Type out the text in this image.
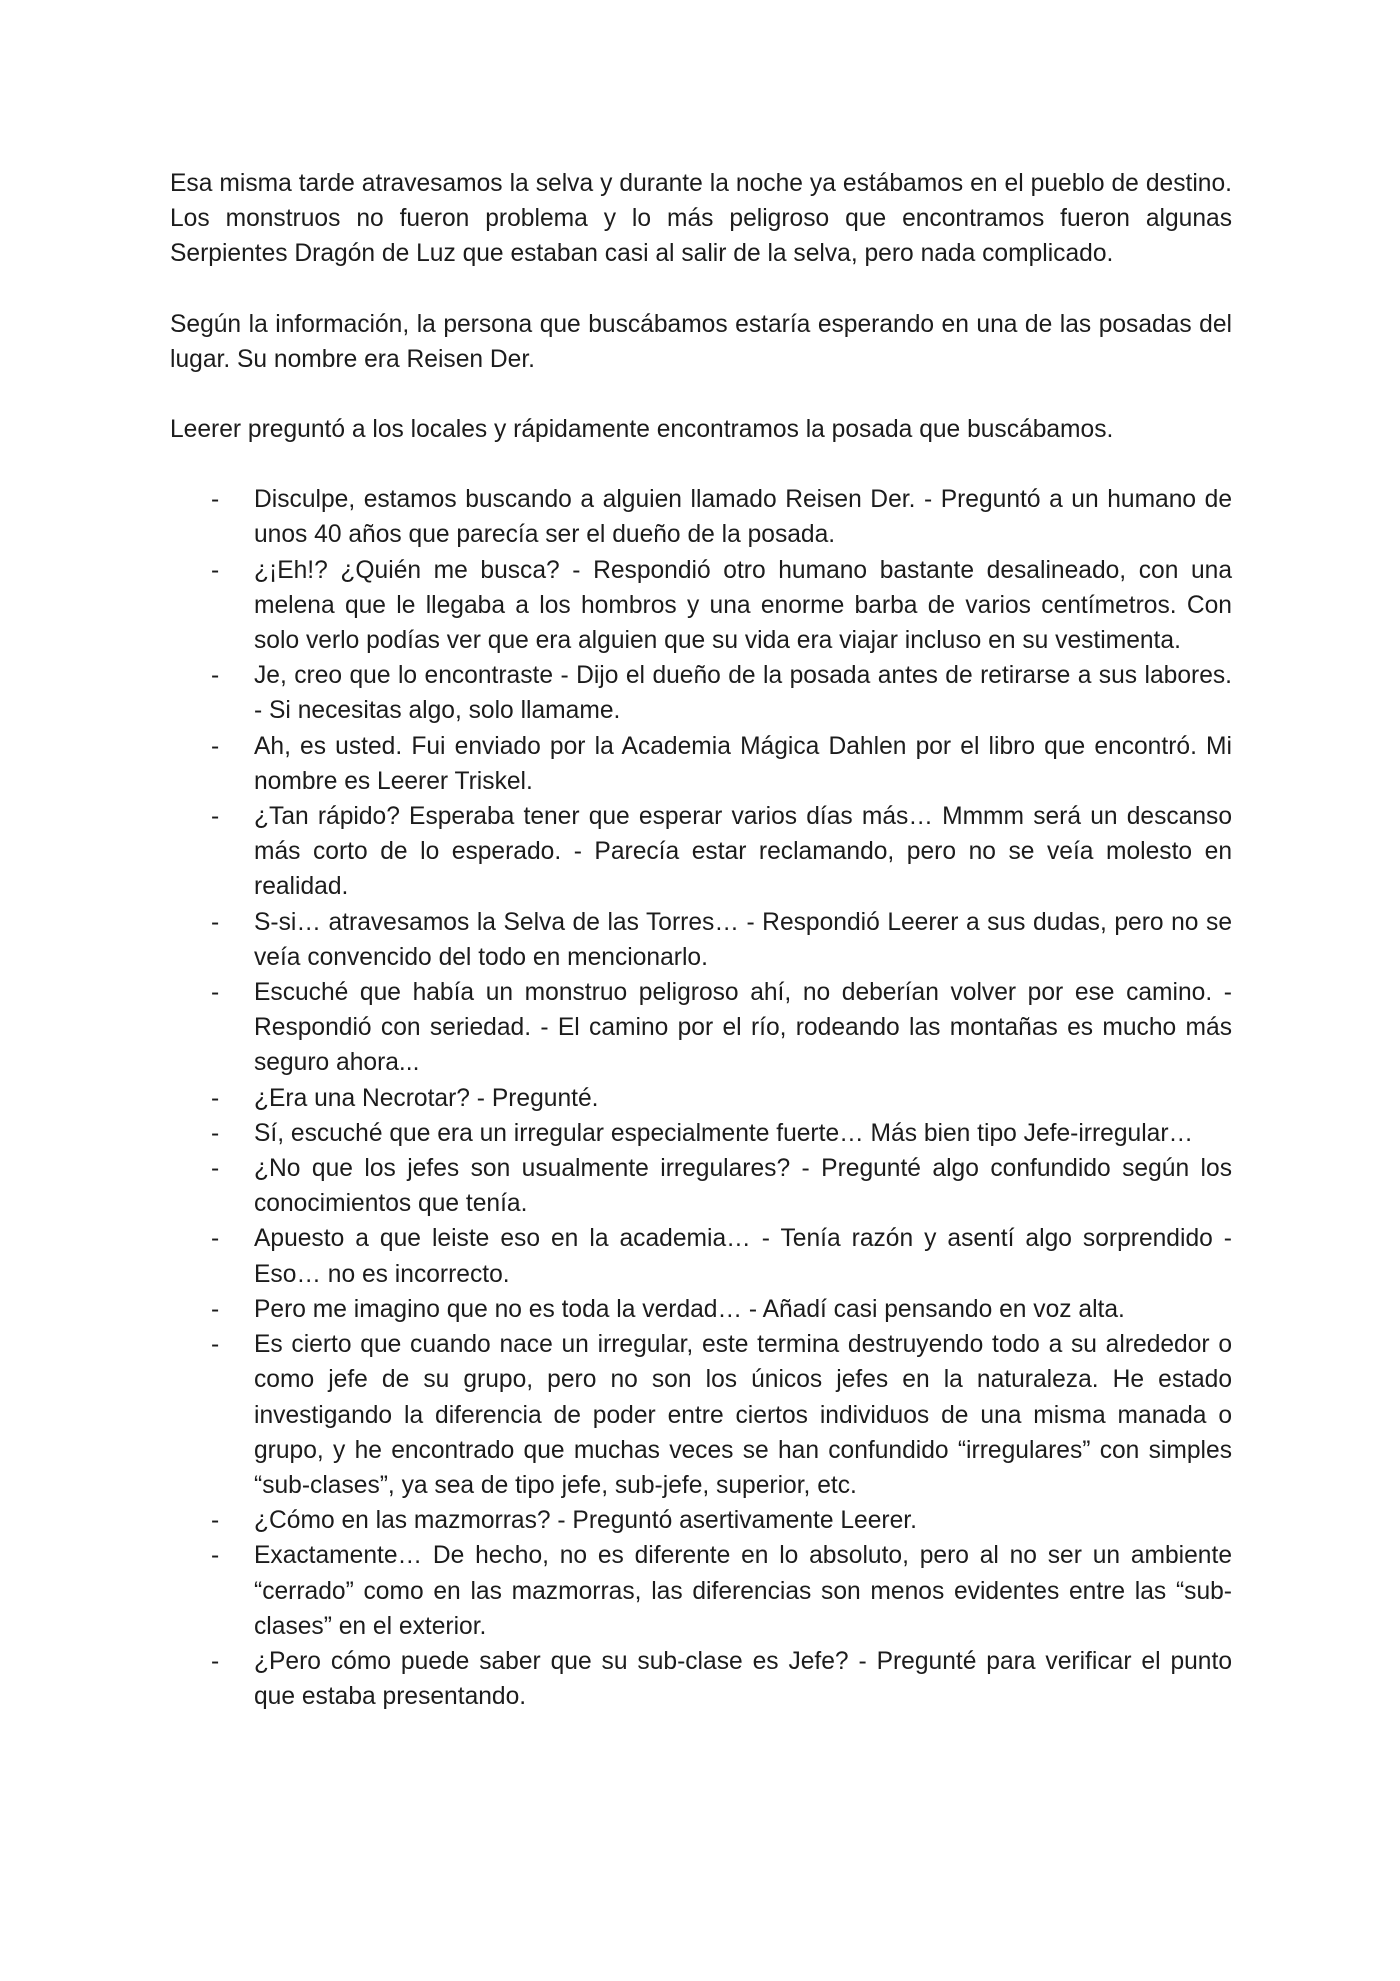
Esa misma tarde atravesamos la selva y durante la noche ya estábamos en el pueblo de destino. Los monstruos no fueron problema y lo más peligroso que encontramos fueron algunas Serpientes Dragón de Luz que estaban casi al salir de la selva, pero nada complicado.

Según la información, la persona que buscábamos estaría esperando en una de las posadas del lugar. Su nombre era Reisen Der.

Leerer preguntó a los locales y rápidamente encontramos la posada que buscábamos.

- Disculpe, estamos buscando a alguien llamado Reisen Der. - Preguntó a un humano de unos 40 años que parecía ser el dueño de la posada.
- ¿¡Eh!? ¿Quién me busca? - Respondió otro humano bastante desalineado, con una melena que le llegaba a los hombros y una enorme barba de varios centímetros. Con solo verlo podías ver que era alguien que su vida era viajar incluso en su vestimenta.
- Je, creo que lo encontraste - Dijo el dueño de la posada antes de retirarse a sus labores. - Si necesitas algo, solo llamame.
- Ah, es usted. Fui enviado por la Academia Mágica Dahlen por el libro que encontró. Mi nombre es Leerer Triskel.
- ¿Tan rápido? Esperaba tener que esperar varios días más… Mmmm será un descanso más corto de lo esperado. - Parecía estar reclamando, pero no se veía molesto en realidad.
- S-si… atravesamos la Selva de las Torres… - Respondió Leerer a sus dudas, pero no se veía convencido del todo en mencionarlo.
- Escuché que había un monstruo peligroso ahí, no deberían volver por ese camino. - Respondió con seriedad. - El camino por el río, rodeando las montañas es mucho más seguro ahora...
- ¿Era una Necrotar? - Pregunté.
- Sí, escuché que era un irregular especialmente fuerte… Más bien tipo Jefe-irregular…
- ¿No que los jefes son usualmente irregulares? - Pregunté algo confundido según los conocimientos que tenía.
- Apuesto a que leiste eso en la academia… - Tenía razón y asentí algo sorprendido - Eso… no es incorrecto.
- Pero me imagino que no es toda la verdad… - Añadí casi pensando en voz alta.
- Es cierto que cuando nace un irregular, este termina destruyendo todo a su alrededor o como jefe de su grupo, pero no son los únicos jefes en la naturaleza. He estado investigando la diferencia de poder entre ciertos individuos de una misma manada o grupo, y he encontrado que muchas veces se han confundido “irregulares” con simples “sub-clases”, ya sea de tipo jefe, sub-jefe, superior, etc.
- ¿Cómo en las mazmorras? - Preguntó asertivamente Leerer.
- Exactamente… De hecho, no es diferente en lo absoluto, pero al no ser un ambiente “cerrado” como en las mazmorras, las diferencias son menos evidentes entre las “sub-clases” en el exterior.
- ¿Pero cómo puede saber que su sub-clase es Jefe? - Pregunté para verificar el punto que estaba presentando.
